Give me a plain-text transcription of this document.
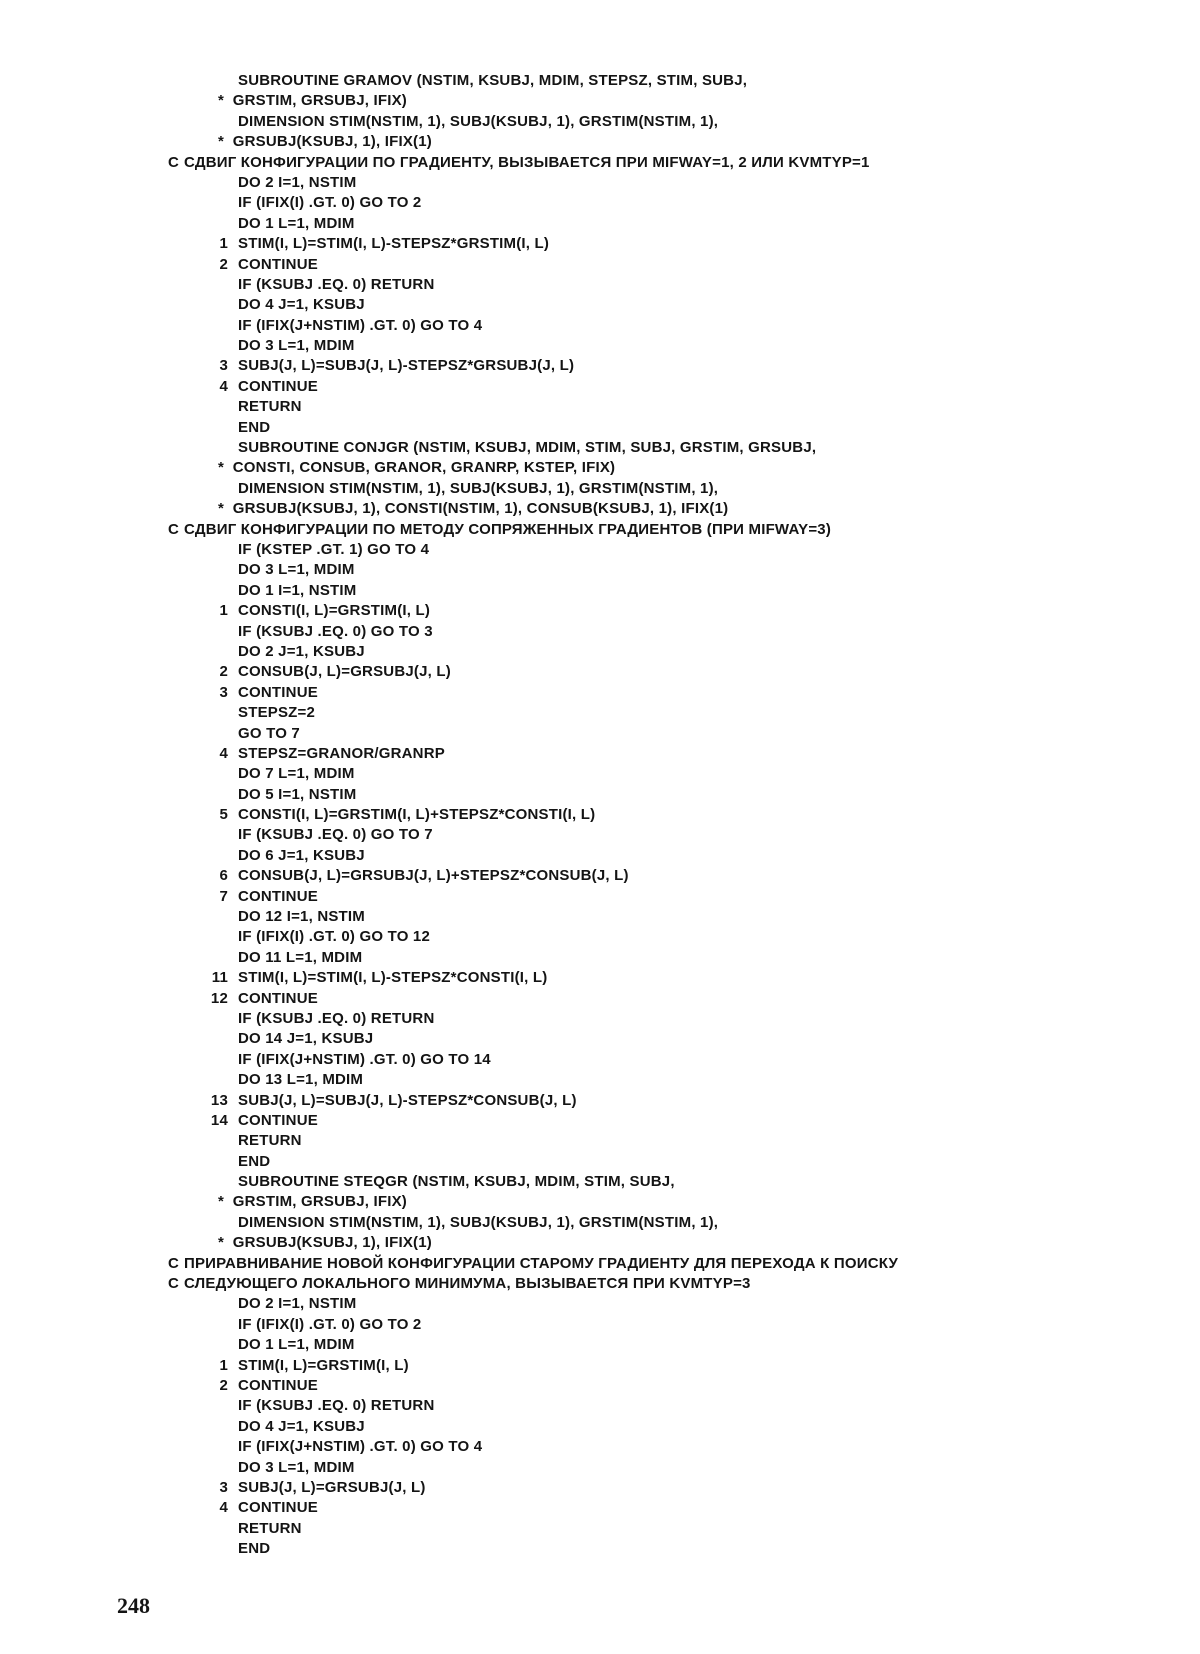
SUBROUTINE GRAMOV (NSTIM, KSUBJ, MDIM, STEPSZ, STIM, SUBJ,
*  GRSTIM, GRSUBJ, IFIX)
DIMENSION STIM(NSTIM, 1), SUBJ(KSUBJ, 1), GRSTIM(NSTIM, 1),
*  GRSUBJ(KSUBJ, 1), IFIX(1)
C СДВИГ КОНФИГУРАЦИИ ПО ГРАДИЕНТУ, ВЫЗЫВАЕТСЯ ПРИ MIFWAY=1, 2 ИЛИ KVMTYP=1
DO 2 I=1, NSTIM
IF (IFIX(I) .GT. 0) GO TO 2
DO 1 L=1, MDIM
1 STIM(I, L)=STIM(I, L)-STEPSZ*GRSTIM(I, L)
2 CONTINUE
IF (KSUBJ .EQ. 0) RETURN
DO 4 J=1, KSUBJ
IF (IFIX(J+NSTIM) .GT. 0) GO TO 4
DO 3 L=1, MDIM
3 SUBJ(J, L)=SUBJ(J, L)-STEPSZ*GRSUBJ(J, L)
4 CONTINUE
RETURN
END
SUBROUTINE CONJGR (NSTIM, KSUBJ, MDIM, STIM, SUBJ, GRSTIM, GRSUBJ,
*  CONSTI, CONSUB, GRANOR, GRANRP, KSTEP, IFIX)
DIMENSION STIM(NSTIM, 1), SUBJ(KSUBJ, 1), GRSTIM(NSTIM, 1),
*  GRSUBJ(KSUBJ, 1), CONSTI(NSTIM, 1), CONSUB(KSUBJ, 1), IFIX(1)
C СДВИГ КОНФИГУРАЦИИ ПО МЕТОДУ СОПРЯЖЕННЫХ ГРАДИЕНТОВ (ПРИ MIFWAY=3)
IF (KSTEP .GT. 1) GO TO 4
DO 3 L=1, MDIM
DO 1 I=1, NSTIM
1 CONSTI(I, L)=GRSTIM(I, L)
IF (KSUBJ .EQ. 0) GO TO 3
DO 2 J=1, KSUBJ
2 CONSUB(J, L)=GRSUBJ(J, L)
3 CONTINUE
STEPSZ=2
GO TO 7
4 STEPSZ=GRANOR/GRANRP
DO 7 L=1, MDIM
DO 5 I=1, NSTIM
5 CONSTI(I, L)=GRSTIM(I, L)+STEPSZ*CONSTI(I, L)
IF (KSUBJ .EQ. 0) GO TO 7
DO 6 J=1, KSUBJ
6 CONSUB(J, L)=GRSUBJ(J, L)+STEPSZ*CONSUB(J, L)
7 CONTINUE
DO 12 I=1, NSTIM
IF (IFIX(I) .GT. 0) GO TO 12
DO 11 L=1, MDIM
11 STIM(I, L)=STIM(I, L)-STEPSZ*CONSTI(I, L)
12 CONTINUE
IF (KSUBJ .EQ. 0) RETURN
DO 14 J=1, KSUBJ
IF (IFIX(J+NSTIM) .GT. 0) GO TO 14
DO 13 L=1, MDIM
13 SUBJ(J, L)=SUBJ(J, L)-STEPSZ*CONSUB(J, L)
14 CONTINUE
RETURN
END
SUBROUTINE STEQGR (NSTIM, KSUBJ, MDIM, STIM, SUBJ,
*  GRSTIM, GRSUBJ, IFIX)
DIMENSION STIM(NSTIM, 1), SUBJ(KSUBJ, 1), GRSTIM(NSTIM, 1),
*  GRSUBJ(KSUBJ, 1), IFIX(1)
C ПРИРАВНИВАНИЕ НОВОЙ КОНФИГУРАЦИИ СТАРОМУ ГРАДИЕНТУ ДЛЯ ПЕРЕХОДА К ПОИСКУ
C СЛЕДУЮЩЕГО ЛОКАЛЬНОГО МИНИМУМА, ВЫЗЫВАЕТСЯ ПРИ KVMTYP=3
DO 2 I=1, NSTIM
IF (IFIX(I) .GT. 0) GO TO 2
DO 1 L=1, MDIM
1 STIM(I, L)=GRSTIM(I, L)
2 CONTINUE
IF (KSUBJ .EQ. 0) RETURN
DO 4 J=1, KSUBJ
IF (IFIX(J+NSTIM) .GT. 0) GO TO 4
DO 3 L=1, MDIM
3 SUBJ(J, L)=GRSUBJ(J, L)
4 CONTINUE
RETURN
END
248
